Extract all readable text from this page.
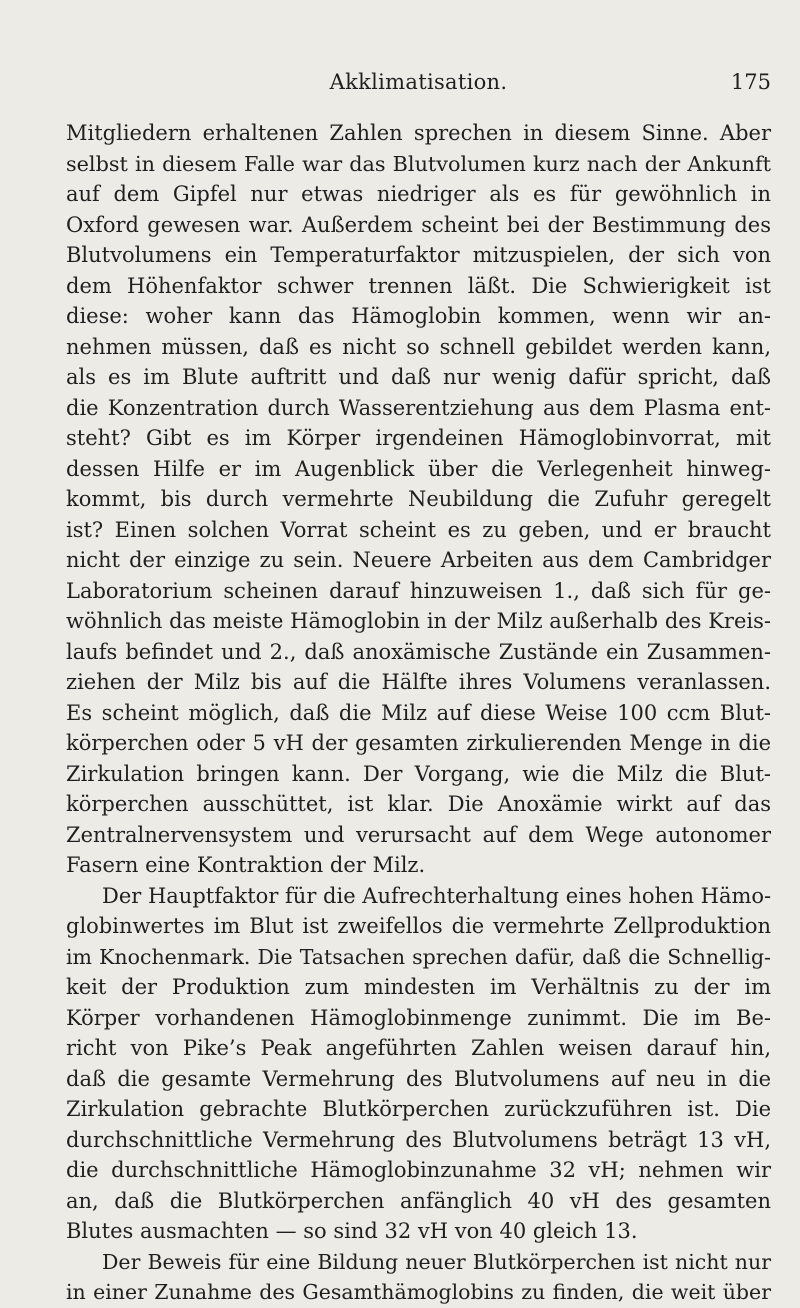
Akklimatisation.	175

Mitgliedern erhaltenen Zahlen sprechen in diesem Sinne. Aber
selbst in diesem Falle war das Blutvolumen kurz nach der Ankunft
auf dem Gipfel nur etwas niedriger als es für gewöhnlich in
Oxford gewesen war. Außerdem scheint bei der Bestimmung des
Blutvolumens ein Temperaturfaktor mitzuspielen, der sich von
dem Höhenfaktor schwer trennen läßt. Die Schwierigkeit ist
diese: woher kann das Hämoglobin kommen, wenn wir an-
nehmen müssen, daß es nicht so schnell gebildet werden kann,
als es im Blute auftritt und daß nur wenig dafür spricht, daß
die Konzentration durch Wasserentziehung aus dem Plasma ent-
steht? Gibt es im Körper irgendeinen Hämoglobinvorrat, mit
dessen Hilfe er im Augenblick über die Verlegenheit hinweg-
kommt, bis durch vermehrte Neubildung die Zufuhr geregelt
ist? Einen solchen Vorrat scheint es zu geben, und er braucht
nicht der einzige zu sein. Neuere Arbeiten aus dem Cambridger
Laboratorium scheinen darauf hinzuweisen 1., daß sich für ge-
wöhnlich das meiste Hämoglobin in der Milz außerhalb des Kreis-
laufs befindet und 2., daß anoxämische Zustände ein Zusammen-
ziehen der Milz bis auf die Hälfte ihres Volumens veranlassen.
Es scheint möglich, daß die Milz auf diese Weise 100 ccm Blut-
körperchen oder 5 vH der gesamten zirkulierenden Menge in die
Zirkulation bringen kann. Der Vorgang, wie die Milz die Blut-
körperchen ausschüttet, ist klar. Die Anoxämie wirkt auf das
Zentralnervensystem und verursacht auf dem Wege autonomer
Fasern eine Kontraktion der Milz.

Der Hauptfaktor für die Aufrechterhaltung eines hohen Hämo-
globinwertes im Blut ist zweifellos die vermehrte Zellproduktion
im Knochenmark. Die Tatsachen sprechen dafür, daß die Schnellig-
keit der Produktion zum mindesten im Verhältnis zu der im
Körper vorhandenen Hämoglobinmenge zunimmt. Die im Be-
richt von Pike’s Peak angeführten Zahlen weisen darauf hin,
daß die gesamte Vermehrung des Blutvolumens auf neu in die
Zirkulation gebrachte Blutkörperchen zurückzuführen ist. Die
durchschnittliche Vermehrung des Blutvolumens beträgt 13 vH,
die durchschnittliche Hämoglobinzunahme 32 vH; nehmen wir
an, daß die Blutkörperchen anfänglich 40 vH des gesamten
Blutes ausmachten — so sind 32 vH von 40 gleich 13.

Der Beweis für eine Bildung neuer Blutkörperchen ist nicht nur
in einer Zunahme des Gesamthämoglobins zu finden, die weit über
